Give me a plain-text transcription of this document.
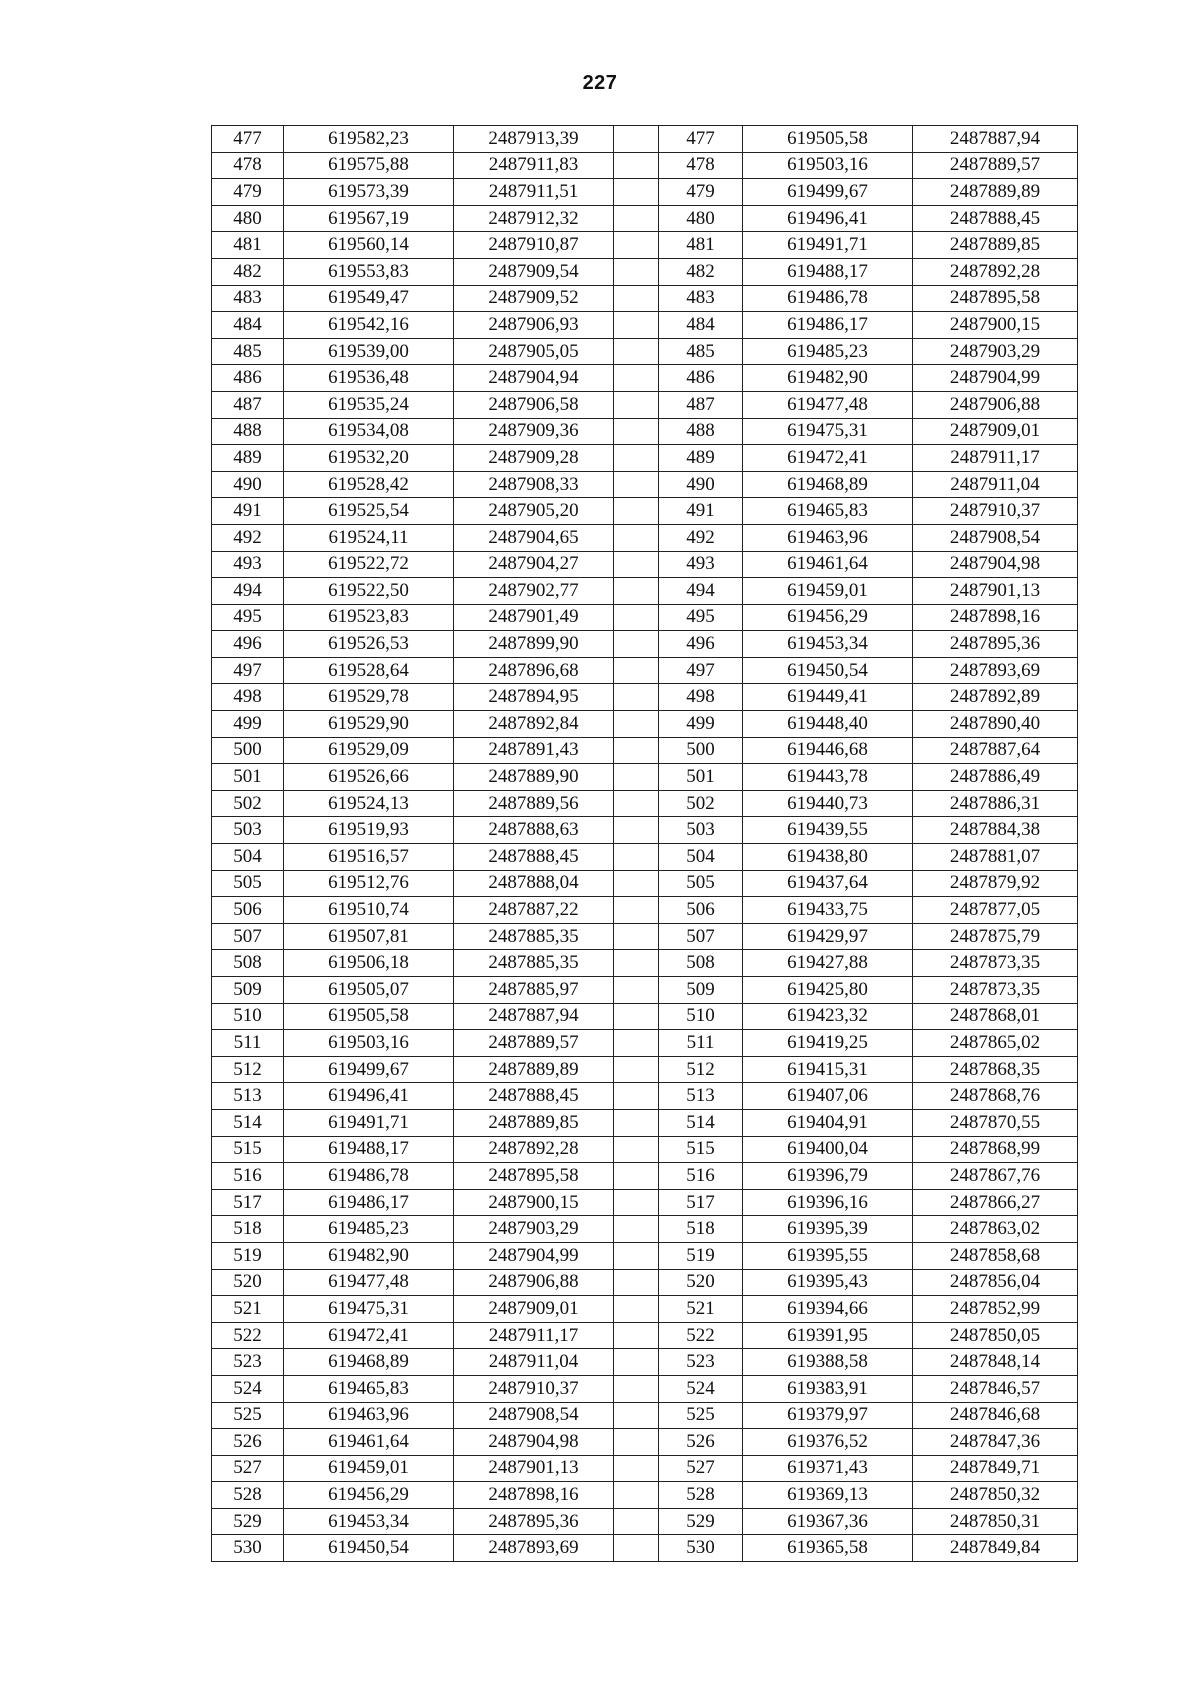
227
477	619582,23	2487913,39		477	619505,58	2487887,94
478	619575,88	2487911,83		478	619503,16	2487889,57
479	619573,39	2487911,51		479	619499,67	2487889,89
480	619567,19	2487912,32		480	619496,41	2487888,45
481	619560,14	2487910,87		481	619491,71	2487889,85
482	619553,83	2487909,54		482	619488,17	2487892,28
483	619549,47	2487909,52		483	619486,78	2487895,58
484	619542,16	2487906,93		484	619486,17	2487900,15
485	619539,00	2487905,05		485	619485,23	2487903,29
486	619536,48	2487904,94		486	619482,90	2487904,99
487	619535,24	2487906,58		487	619477,48	2487906,88
488	619534,08	2487909,36		488	619475,31	2487909,01
489	619532,20	2487909,28		489	619472,41	2487911,17
490	619528,42	2487908,33		490	619468,89	2487911,04
491	619525,54	2487905,20		491	619465,83	2487910,37
492	619524,11	2487904,65		492	619463,96	2487908,54
493	619522,72	2487904,27		493	619461,64	2487904,98
494	619522,50	2487902,77		494	619459,01	2487901,13
495	619523,83	2487901,49		495	619456,29	2487898,16
496	619526,53	2487899,90		496	619453,34	2487895,36
497	619528,64	2487896,68		497	619450,54	2487893,69
498	619529,78	2487894,95		498	619449,41	2487892,89
499	619529,90	2487892,84		499	619448,40	2487890,40
500	619529,09	2487891,43		500	619446,68	2487887,64
501	619526,66	2487889,90		501	619443,78	2487886,49
502	619524,13	2487889,56		502	619440,73	2487886,31
503	619519,93	2487888,63		503	619439,55	2487884,38
504	619516,57	2487888,45		504	619438,80	2487881,07
505	619512,76	2487888,04		505	619437,64	2487879,92
506	619510,74	2487887,22		506	619433,75	2487877,05
507	619507,81	2487885,35		507	619429,97	2487875,79
508	619506,18	2487885,35		508	619427,88	2487873,35
509	619505,07	2487885,97		509	619425,80	2487873,35
510	619505,58	2487887,94		510	619423,32	2487868,01
511	619503,16	2487889,57		511	619419,25	2487865,02
512	619499,67	2487889,89		512	619415,31	2487868,35
513	619496,41	2487888,45		513	619407,06	2487868,76
514	619491,71	2487889,85		514	619404,91	2487870,55
515	619488,17	2487892,28		515	619400,04	2487868,99
516	619486,78	2487895,58		516	619396,79	2487867,76
517	619486,17	2487900,15		517	619396,16	2487866,27
518	619485,23	2487903,29		518	619395,39	2487863,02
519	619482,90	2487904,99		519	619395,55	2487858,68
520	619477,48	2487906,88		520	619395,43	2487856,04
521	619475,31	2487909,01		521	619394,66	2487852,99
522	619472,41	2487911,17		522	619391,95	2487850,05
523	619468,89	2487911,04		523	619388,58	2487848,14
524	619465,83	2487910,37		524	619383,91	2487846,57
525	619463,96	2487908,54		525	619379,97	2487846,68
526	619461,64	2487904,98		526	619376,52	2487847,36
527	619459,01	2487901,13		527	619371,43	2487849,71
528	619456,29	2487898,16		528	619369,13	2487850,32
529	619453,34	2487895,36		529	619367,36	2487850,31
530	619450,54	2487893,69		530	619365,58	2487849,84
